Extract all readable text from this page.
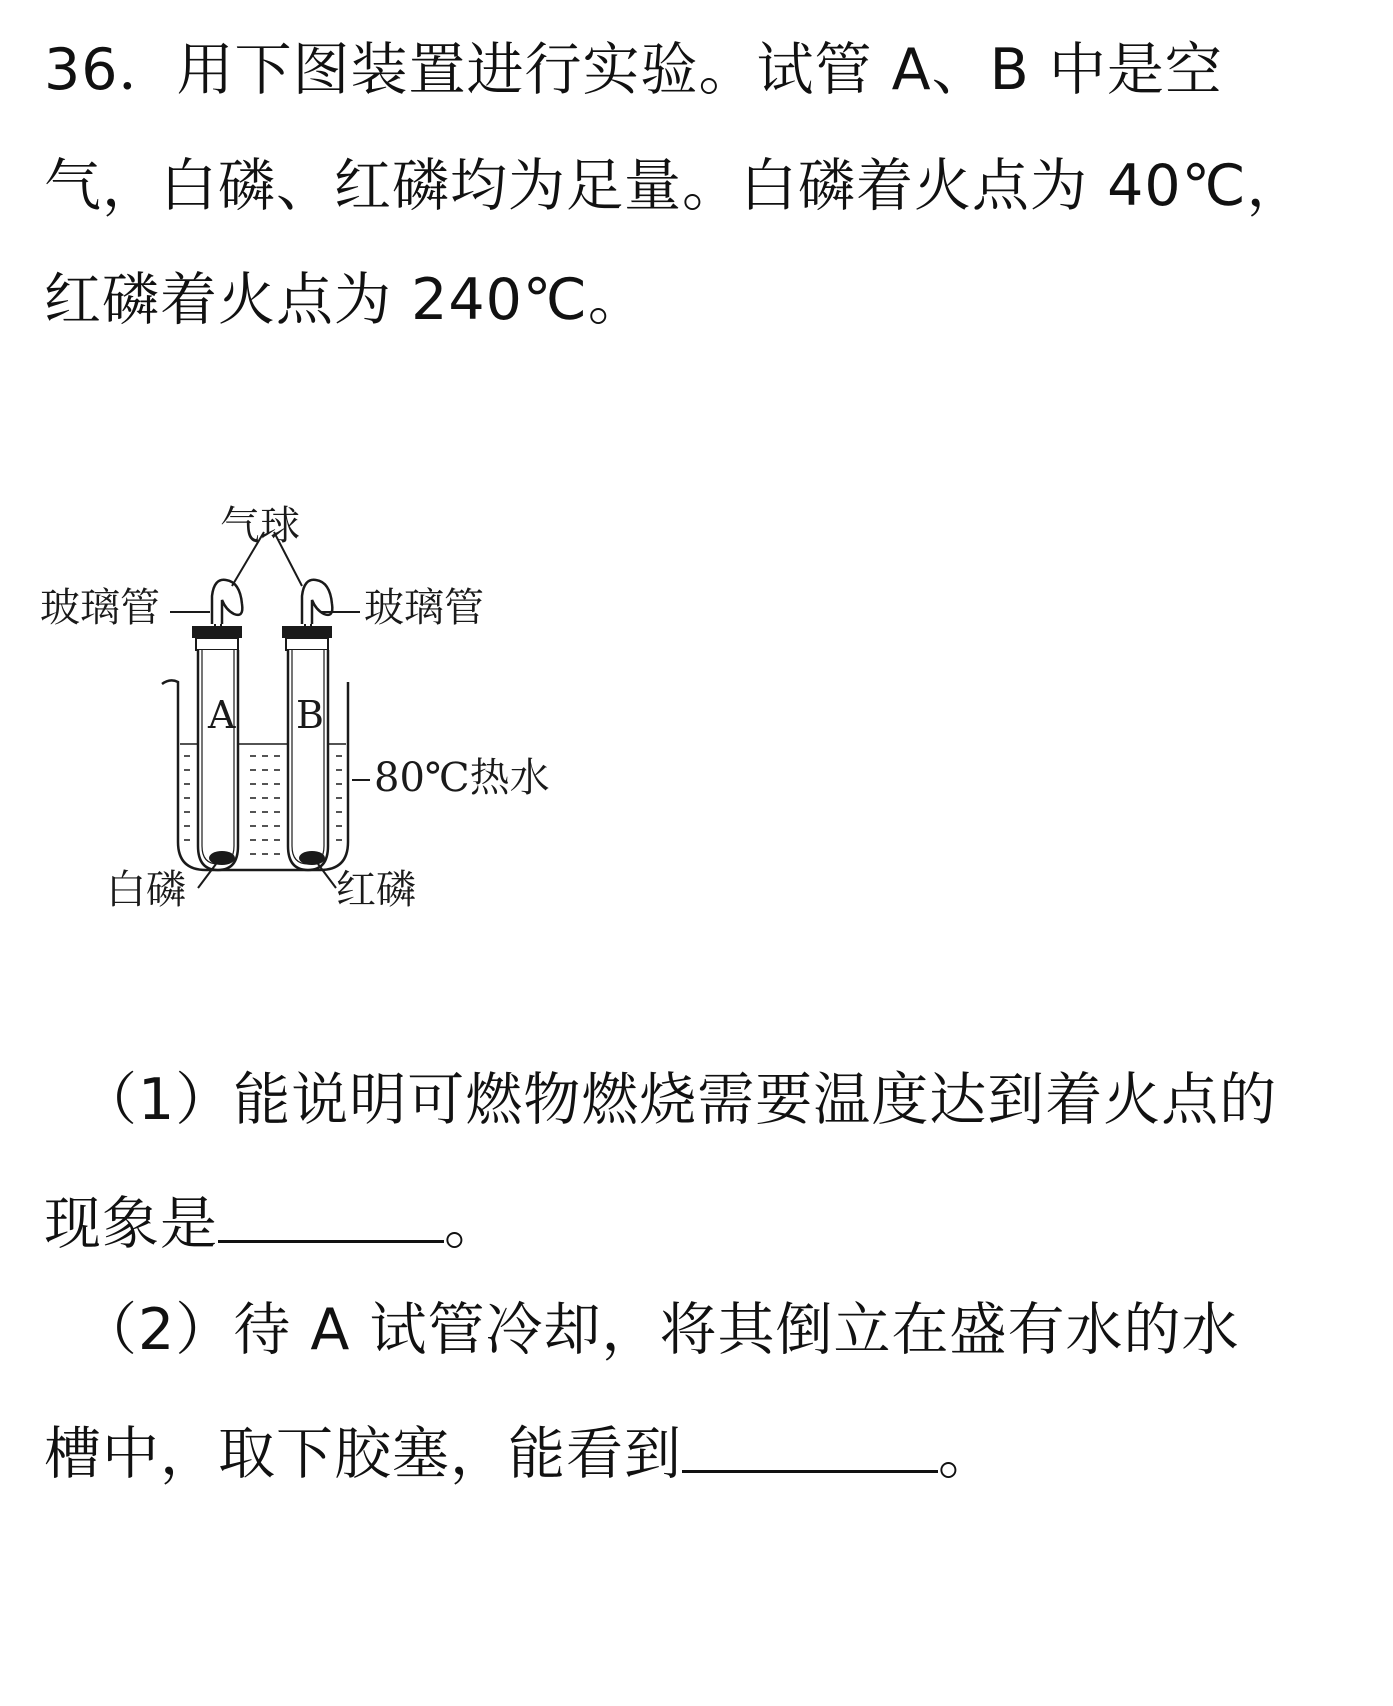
36．用下图装置进行实验。试管 A、B 中是空
气，白磷、红磷均为足量。白磷着火点为 40℃，
红磷着火点为 240℃。
气球
玻璃管	玻璃管
A B
80℃热水
白磷	红磷
（1）能说明可燃物燃烧需要温度达到着火点的
现象是	。
（2）待 A 试管冷却，将其倒立在盛有水的水
槽中，取下胶塞，能看到	。
